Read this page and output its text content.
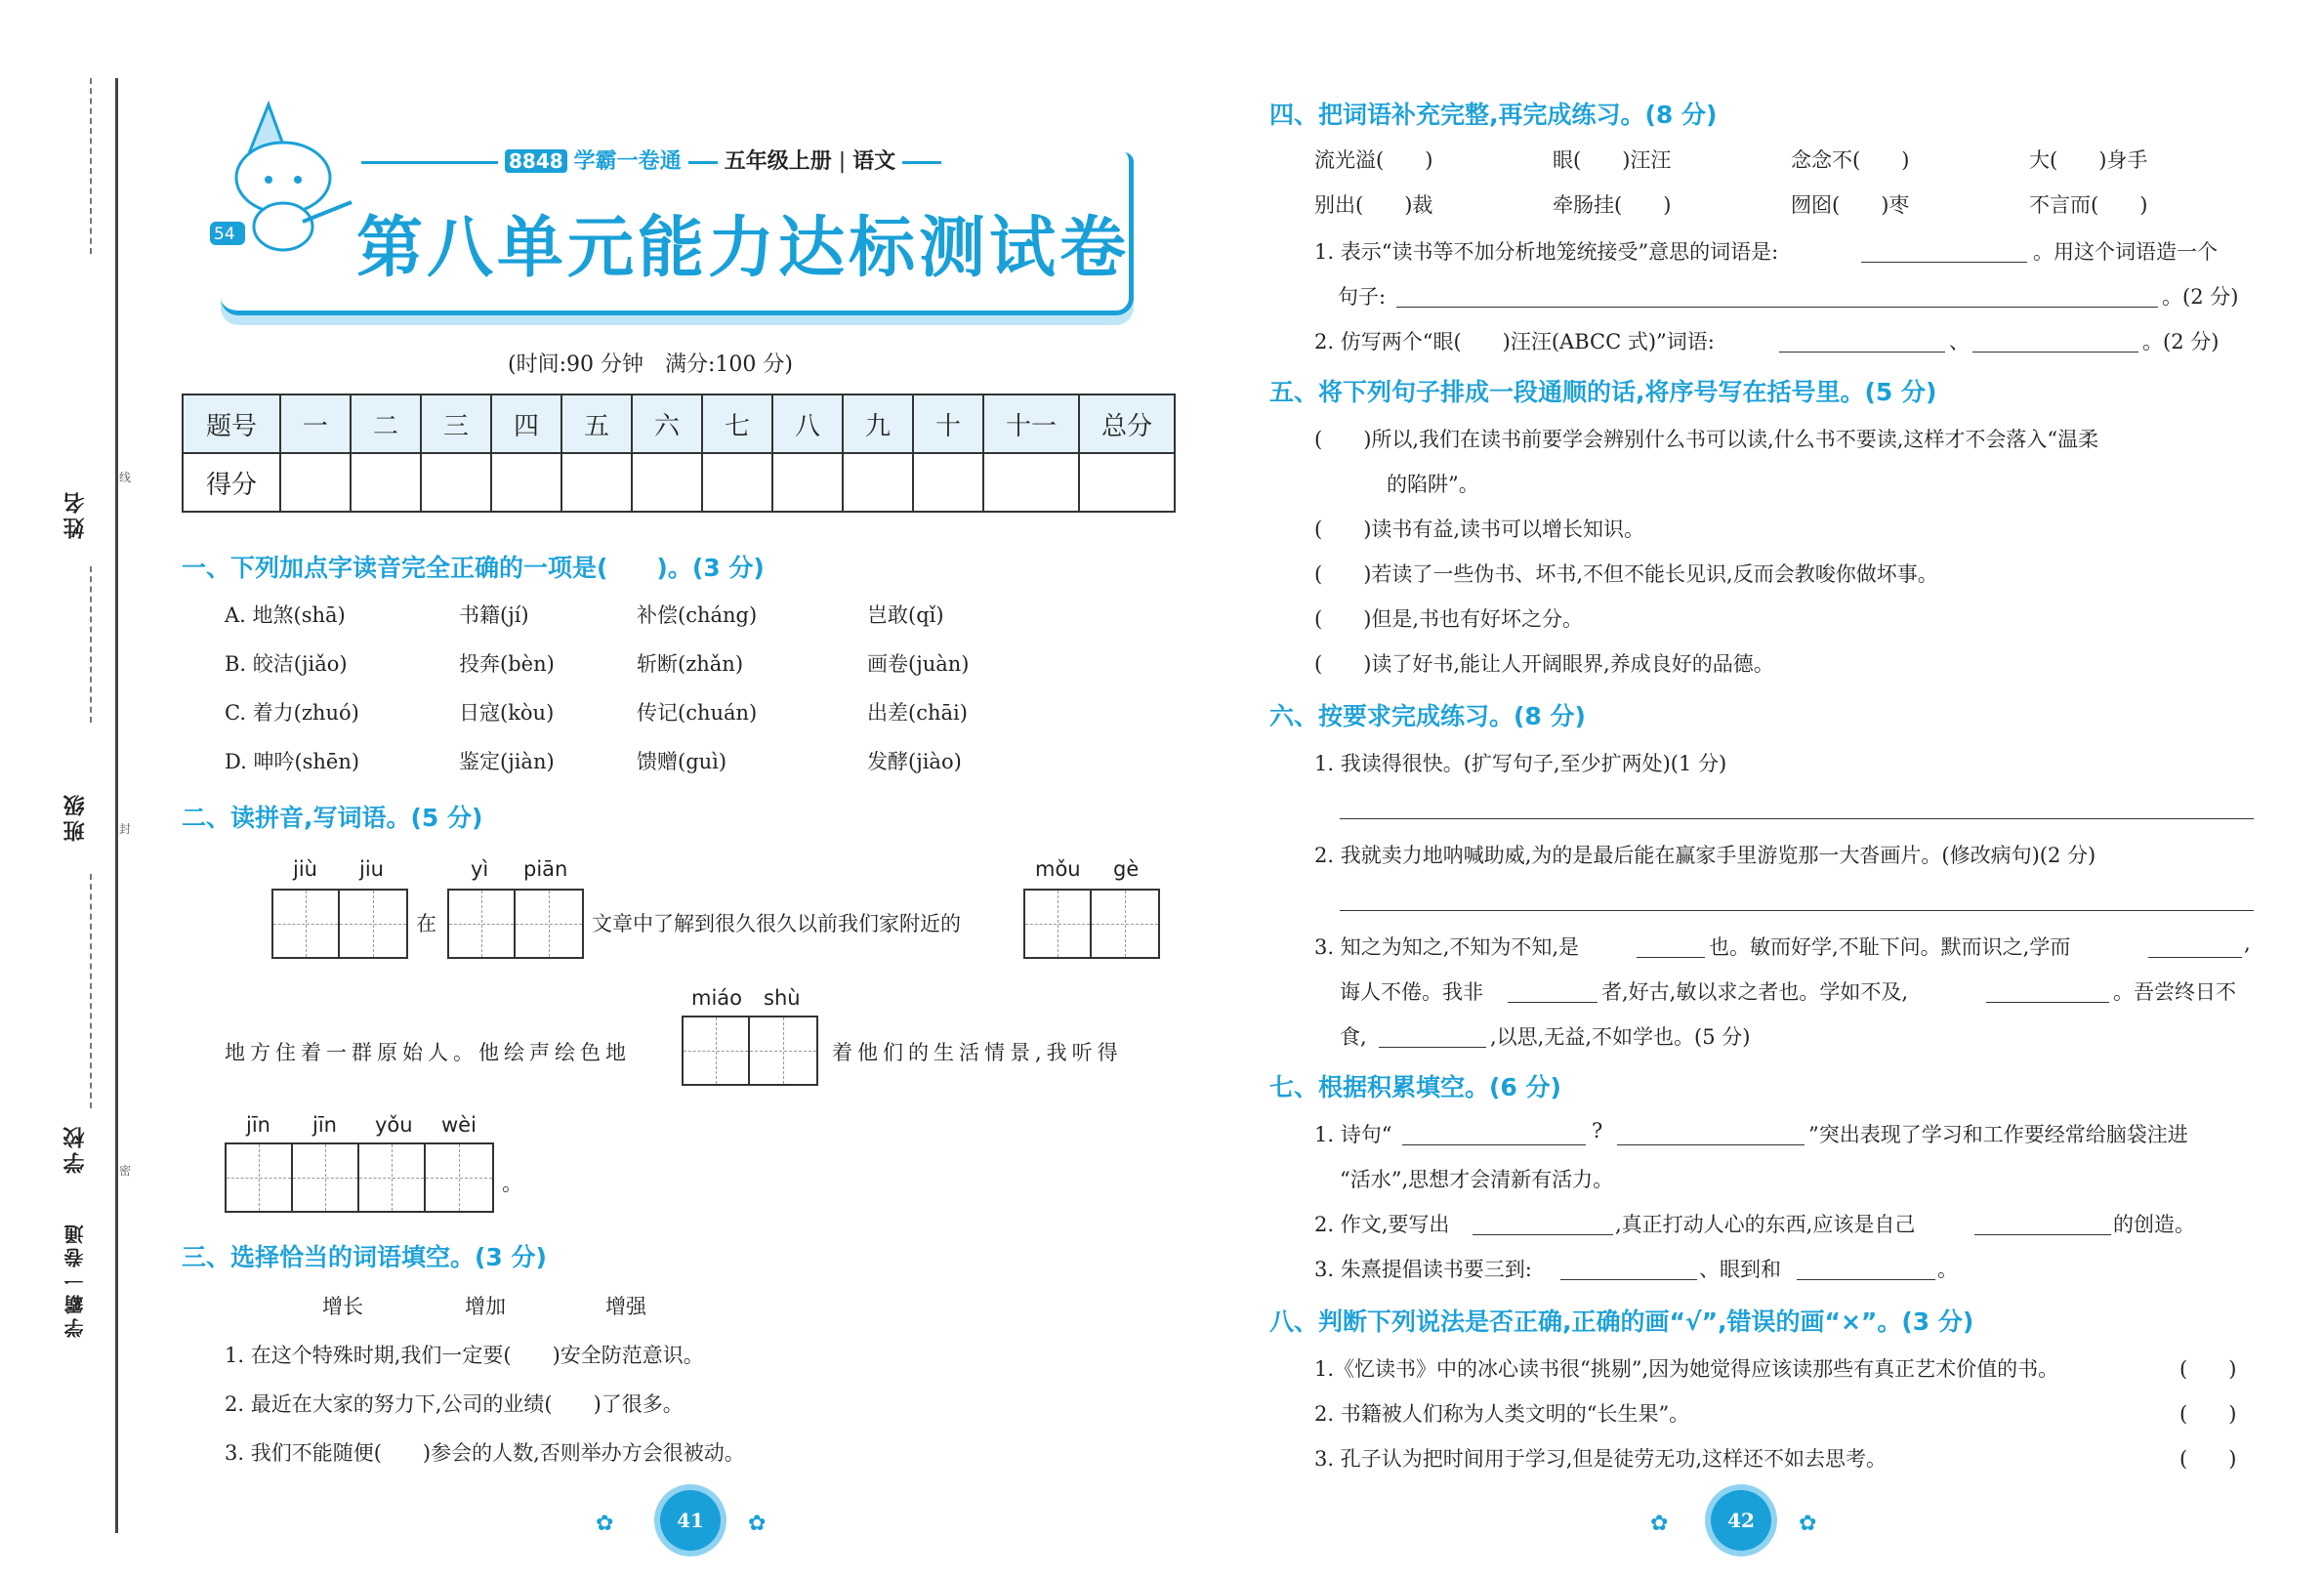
姓名
班级
学校
学霸一卷通
线
封
密
8848 学霸一卷通 五年级上册 | 语文
第八单元能力达标测试卷
54
(时间:90 分钟　满分:100 分)
题号	一	二	三	四	五	六	七	八	九	十	十一	总分
得分												
一、下列加点字读音完全正确的一项是(　　)。(3 分)
A. 地煞(shā)	书籍(jí)	补偿(cháng)	岂敢(qǐ)
B. 皎洁(jiǎo)	投奔(bèn)	斩断(zhǎn)	画卷(juàn)
C. 着力(zhuó)	日寇(kòu)	传记(chuán)	出差(chāi)
D. 呻吟(shēn)	鉴定(jiàn)	馈赠(guì)	发酵(jiào)
二、读拼音,写词语。(5 分)
jiù jiu
在
yì piān
文章中了解到很久很久以前我们家附近的
mǒu gè
地方住着一群原始人。他绘声绘色地
miáo shù
着他们的生活情景,我听得
jīn jīn yǒu wèi
。
三、选择恰当的词语填空。(3 分)
增长	增加	增强
1. 在这个特殊时期,我们一定要(　　)安全防范意识。
2. 最近在大家的努力下,公司的业绩(　　)了很多。
3. 我们不能随便(　　)参会的人数,否则举办方会很被动。
✿	41	✿
四、把词语补充完整,再完成练习。(8 分)
流光溢(　　)	眼(　　)汪汪	念念不(　　)	大(　　)身手
别出(　　)裁	牵肠挂(　　)	囫囵(　　)枣	不言而(　　)
1. 表示“读书等不加分析地笼统接受”意思的词语是:	。用这个词语造一个
句子:	。(2 分)
2. 仿写两个“眼(　　)汪汪(ABCC 式)”词语:	、	。(2 分)
五、将下列句子排成一段通顺的话,将序号写在括号里。(5 分)
(　　)所以,我们在读书前要学会辨别什么书可以读,什么书不要读,这样才不会落入“温柔
的陷阱”。
(　　)读书有益,读书可以增长知识。
(　　)若读了一些伪书、坏书,不但不能长见识,反而会教唆你做坏事。
(　　)但是,书也有好坏之分。
(　　)读了好书,能让人开阔眼界,养成良好的品德。
六、按要求完成练习。(8 分)
1. 我读得很快。(扩写句子,至少扩两处)(1 分)
2. 我就卖力地呐喊助威,为的是最后能在赢家手里游览那一大沓画片。(修改病句)(2 分)
3. 知之为知之,不知为不知,是	也。敏而好学,不耻下问。默而识之,学而	,
诲人不倦。我非	者,好古,敏以求之者也。学如不及,	。吾尝终日不
食,	,以思,无益,不如学也。(5 分)
七、根据积累填空。(6 分)
1. 诗句“	?	”突出表现了学习和工作要经常给脑袋注进
“活水”,思想才会清新有活力。
2. 作文,要写出	,真正打动人心的东西,应该是自己	的创造。
3. 朱熹提倡读书要三到:	、眼到和	。
八、判断下列说法是否正确,正确的画“√”,错误的画“×”。(3 分)
1.《忆读书》中的冰心读书很“挑剔”,因为她觉得应该读那些有真正艺术价值的书。	(　　)
2. 书籍被人们称为人类文明的“长生果”。	(　　)
3. 孔子认为把时间用于学习,但是徒劳无功,这样还不如去思考。	(　　)
✿	42	✿
